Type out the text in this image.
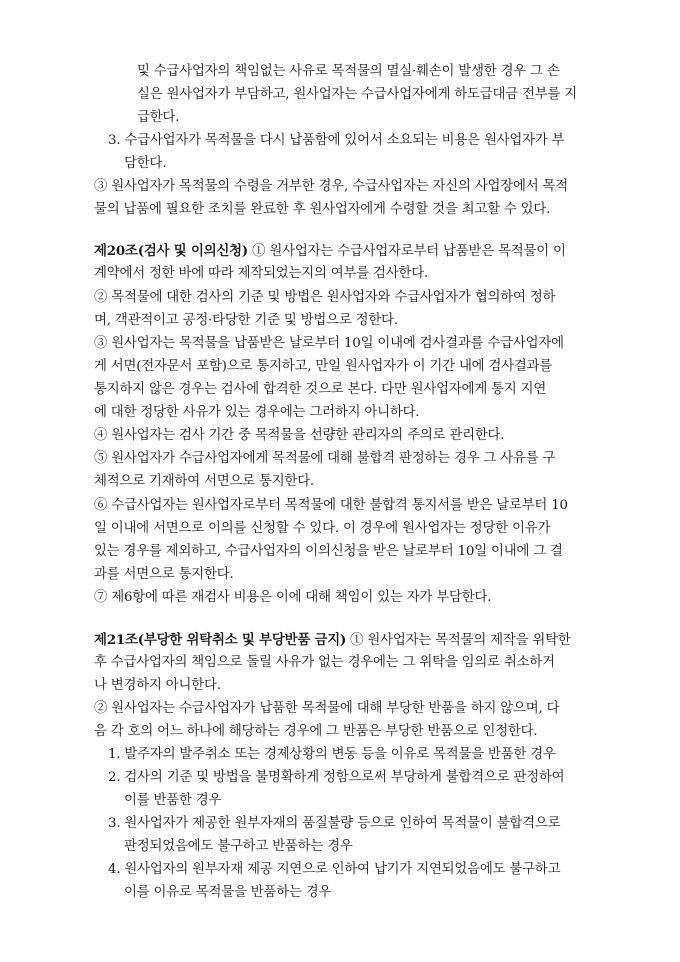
및 수급사업자의 책임없는 사유로 목적물의 멸실·훼손이 발생한 경우 그 손
실은 원사업자가 부담하고, 원사업자는 수급사업자에게 하도급대금 전부를 지
급한다.
3. 수급사업자가 목적물을 다시 납품함에 있어서 소요되는 비용은 원사업자가 부
담한다.
③ 원사업자가 목적물의 수령을 거부한 경우, 수급사업자는 자신의 사업장에서 목적
물의 납품에 필요한 조치를 완료한 후 원사업자에게 수령할 것을 최고할 수 있다.
제20조(검사 및 이의신청) ① 원사업자는 수급사업자로부터 납품받은 목적물이 이
계약에서 정한 바에 따라 제작되었는지의 여부를 검사한다.
② 목적물에 대한 검사의 기준 및 방법은 원사업자와 수급사업자가 협의하여 정하
며, 객관적이고 공정·타당한 기준 및 방법으로 정한다.
③ 원사업자는 목적물을 납품받은 날로부터 10일 이내에 검사결과를 수급사업자에
게 서면(전자문서 포함)으로 통지하고, 만일 원사업자가 이 기간 내에 검사결과를
통지하지 않은 경우는 검사에 합격한 것으로 본다. 다만 원사업자에게 통지 지연
에 대한 정당한 사유가 있는 경우에는 그러하지 아니하다.
④ 원사업자는 검사 기간 중 목적물을 선량한 관리자의 주의로 관리한다.
⑤ 원사업자가 수급사업자에게 목적물에 대해 불합격 판정하는 경우 그 사유를 구
체적으로 기재하여 서면으로 통지한다.
⑥ 수급사업자는 원사업자로부터 목적물에 대한 불합격 통지서를 받은 날로부터 10
일 이내에 서면으로 이의를 신청할 수 있다. 이 경우에 원사업자는 정당한 이유가
있는 경우를 제외하고, 수급사업자의 이의신청을 받은 날로부터 10일 이내에 그 결
과를 서면으로 통지한다.
⑦ 제6항에 따른 재검사 비용은 이에 대해 책임이 있는 자가 부담한다.
제21조(부당한 위탁취소 및 부당반품 금지) ① 원사업자는 목적물의 제작을 위탁한
후 수급사업자의 책임으로 돌릴 사유가 없는 경우에는 그 위탁을 임의로 취소하거
나 변경하지 아니한다.
② 원사업자는 수급사업자가 납품한 목적물에 대해 부당한 반품을 하지 않으며, 다
음 각 호의 어느 하나에 해당하는 경우에 그 반품은 부당한 반품으로 인정한다.
1. 발주자의 발주취소 또는 경제상황의 변동 등을 이유로 목적물을 반품한 경우
2. 검사의 기준 및 방법을 불명확하게 정함으로써 부당하게 불합격으로 판정하여
이를 반품한 경우
3. 원사업자가 제공한 원부자재의 품질불량 등으로 인하여 목적물이 불합격으로
판정되었음에도 불구하고 반품하는 경우
4. 원사업자의 원부자재 제공 지연으로 인하여 납기가 지연되었음에도 불구하고
이를 이유로 목적물을 반품하는 경우
